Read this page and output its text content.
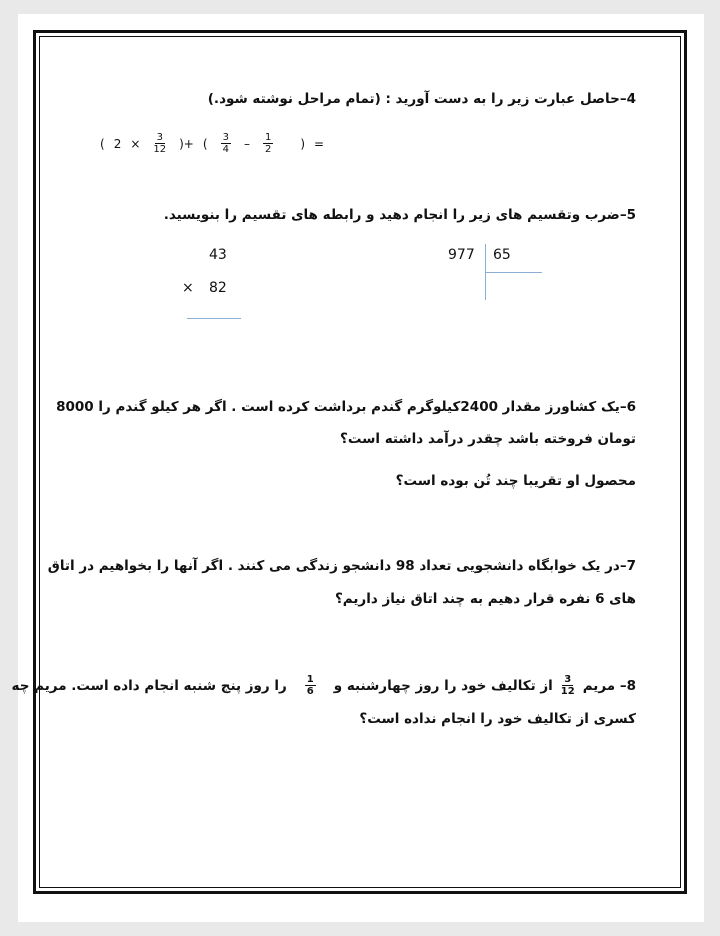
4–حاصل عبارت زیر را به دست آورید : (تمام مراحل نوشته شود.)
( $2 \times \frac{3}{12}$ )+ ( $\frac{3}{4} - \frac{1}{2}$ ) =
5–ضرب وتقسیم های زیر را انجام دهید و رابطه های تقسیم را بنویسید.
43
× 82
977 65
6–یک کشاورز مقدار 2400کیلوگرم گندم برداشت کرده است . اگر هر کیلو گندم را 8000
تومان فروخته باشد چقدر درآمد داشته است؟
محصول او تقریبا چند تُن بوده است؟
7–در یک خوابگاه دانشجویی تعداد 98 دانشجو زندگی می کنند . اگر آنها را بخواهیم در اتاق
های 6 نفره قرار دهیم به چند اتاق نیاز داریم؟
8– مریم
$\frac{3}{12}$
از تکالیف خود را روز چهارشنبه و
$\frac{1}{6}$
را روز پنج شنبه انجام داده است. مریم چه
کسری از تکالیف خود را انجام نداده است؟
